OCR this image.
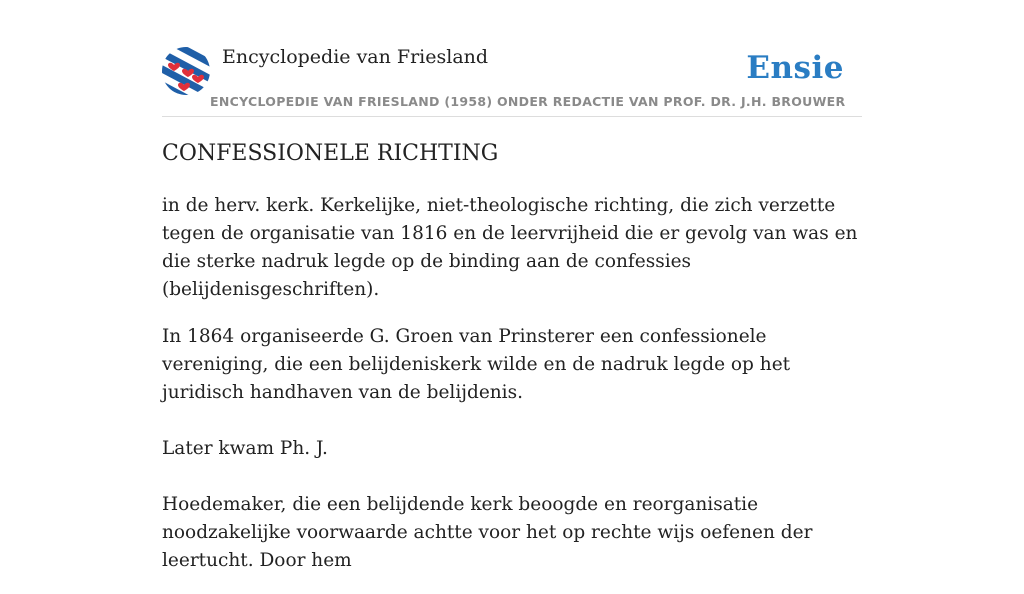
Encyclopedie van Friesland	Ensie
ENCYCLOPEDIE VAN FRIESLAND (1958) ONDER REDACTIE VAN PROF. DR. J.H. BROUWER
CONFESSIONELE RICHTING

in de herv. kerk. Kerkelijke, niet-theologische richting, die zich verzette tegen de organisatie van 1816 en de leervrijheid die er gevolg van was en die sterke nadruk legde op de binding aan de confessies (belijdenisgeschriften).

In 1864 organiseerde G. Groen van Prinsterer een confessionele vereniging, die een belijdeniskerk wilde en de nadruk legde op het juridisch handhaven van de belijdenis.

Later kwam Ph. J.

Hoedemaker, die een belijdende kerk beoogde en reorganisatie noodzakelijke voorwaarde achtte voor het op rechte wijs oefenen der leertucht. Door hem
